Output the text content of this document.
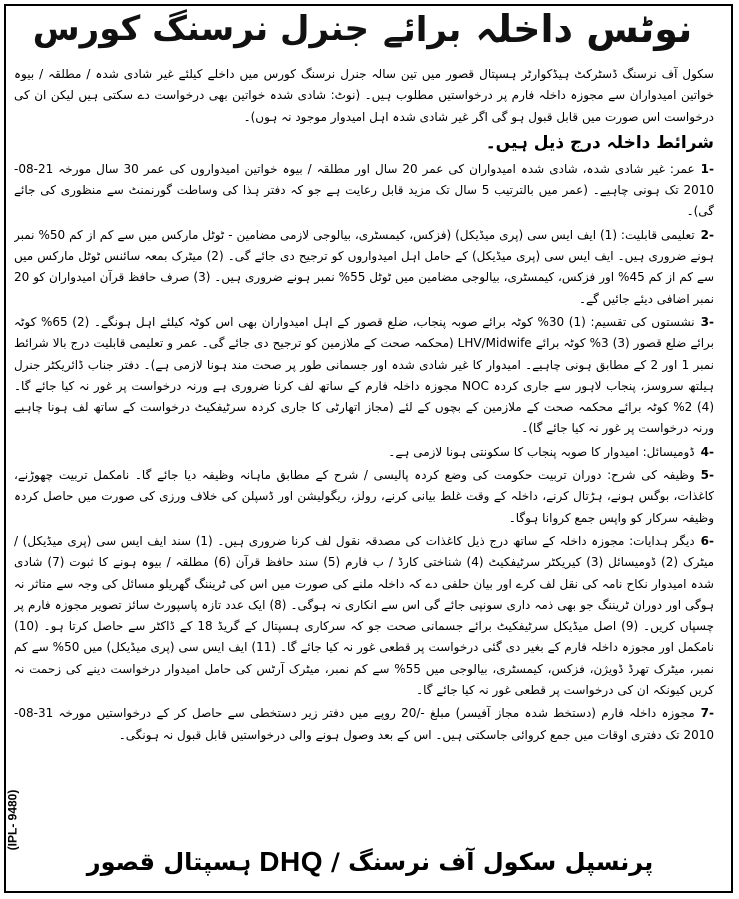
نوٹس داخلہ
برائے
جنرل نرسنگ کورس

سکول آف نرسنگ ڈسٹرکٹ ہیڈکوارٹر ہسپتال قصور میں تین سالہ جنرل نرسنگ کورس میں داخلے کیلئے غیر شادی شدہ / مطلقہ / بیوہ خواتین امیدواران سے مجوزہ داخلہ فارم پر درخواستیں مطلوب ہیں۔ (نوٹ: شادی شدہ خواتین بھی درخواست دے سکتی ہیں لیکن ان کی درخواست اس صورت میں قابل قبول ہو گی اگر غیر شادی شدہ اہل امیدوار موجود نہ ہوں)۔

شرائط داخلہ درج ذیل ہیں۔

-1عمر: غیر شادی شدہ، شادی شدہ امیدواران کی عمر 20 سال اور مطلقہ / بیوہ خواتین امیدواروں کی عمر 30 سال مورخہ 21-08-2010 تک ہونی چاہیے۔ (عمر میں بالترتیب 5 سال تک مزید قابل رعایت ہے جو کہ دفتر ہذا کی وساطت گورنمنٹ سے منظوری کی جائے گی)۔

-2تعلیمی قابلیت: (1) ایف ایس سی (پری میڈیکل) (فزکس، کیمسٹری، بیالوجی لازمی مضامین - ٹوٹل مارکس میں سے کم از کم 50% نمبر ہونے ضروری ہیں۔ ایف ایس سی (پری میڈیکل) کے حامل اہل امیدواروں کو ترجیح دی جائے گی۔ (2) میٹرک بمعہ سائنس ٹوٹل مارکس میں سے کم از کم 45% اور فزکس، کیمسٹری، بیالوجی مضامین میں ٹوٹل 55% نمبر ہونے ضروری ہیں۔ (3) صرف حافظ قرآن امیدواران کو 20 نمبر اضافی دیئے جائیں گے۔

-3نشستوں کی تقسیم: (1) 30% کوٹہ برائے صوبہ پنجاب، ضلع قصور کے اہل امیدواران بھی اس کوٹہ کیلئے اہل ہونگے۔ (2) 65% کوٹہ برائے ضلع قصور (3) 3% کوٹہ برائے LHV/Midwife (محکمہ صحت کے ملازمین کو ترجیح دی جائے گی۔ عمر و تعلیمی قابلیت درج بالا شرائط نمبر 1 اور 2 کے مطابق ہونی چاہیے۔ امیدوار کا غیر شادی شدہ اور جسمانی طور پر صحت مند ہونا لازمی ہے)۔ دفتر جناب ڈائریکٹر جنرل ہیلتھ سروسز، پنجاب لاہور سے جاری کردہ NOC مجوزہ داخلہ فارم کے ساتھ لف کرنا ضروری ہے ورنہ درخواست پر غور نہ کیا جائے گا۔ (4) 2% کوٹہ برائے محکمہ صحت کے ملازمین کے بچوں کے لئے (مجاز اتھارٹی کا جاری کردہ سرٹیفکیٹ درخواست کے ساتھ لف ہونا چاہیے ورنہ درخواست پر غور نہ کیا جائے گا)۔

-4ڈومیسائل: امیدوار کا صوبہ پنجاب کا سکونتی ہونا لازمی ہے۔

-5وظیفہ کی شرح: دوران تربیت حکومت کی وضع کردہ پالیسی / شرح کے مطابق ماہانہ وظیفہ دیا جائے گا۔ نامکمل تربیت چھوڑنے، کاغذات، بوگس ہونے، ہڑتال کرنے، داخلہ کے وقت غلط بیانی کرنے، رولز، ریگولیشن اور ڈسپلن کی خلاف ورزی کی صورت میں حاصل کردہ وظیفہ سرکار کو واپس جمع کروانا ہوگا۔

-6دیگر ہدایات: مجوزہ داخلہ کے ساتھ درج ذیل کاغذات کی مصدقہ نقول لف کرنا ضروری ہیں۔ (1) سند ایف ایس سی (پری میڈیکل) / میٹرک (2) ڈومیسائل (3) کیریکٹر سرٹیفکیٹ (4) شناختی کارڈ / ب فارم (5) سند حافظ قرآن (6) مطلقہ / بیوہ ہونے کا ثبوت (7) شادی شدہ امیدوار نکاح نامہ کی نقل لف کرے اور بیان حلفی دے کہ داخلہ ملنے کی صورت میں اس کی ٹریننگ گھریلو مسائل کی وجہ سے متاثر نہ ہوگی اور دوران ٹریننگ جو بھی ذمہ داری سونپی جائے گی اس سے انکاری نہ ہوگی۔ (8) ایک عدد تازہ پاسپورٹ سائز تصویر مجوزہ فارم پر چسپاں کریں۔ (9) اصل میڈیکل سرٹیفکیٹ برائے جسمانی صحت جو کہ سرکاری ہسپتال کے گریڈ 18 کے ڈاکٹر سے حاصل کرتا ہو۔ (10) نامکمل اور مجوزہ داخلہ فارم کے بغیر دی گئی درخواست پر قطعی غور نہ کیا جائے گا۔ (11) ایف ایس سی (پری میڈیکل) میں 50% سے کم نمبر، میٹرک تھرڈ ڈویژن، فزکس، کیمسٹری، بیالوجی میں 55% سے کم نمبر، میٹرک آرٹس کی حامل امیدوار درخواست دینے کی زحمت نہ کریں کیونکہ ان کی درخواست پر قطعی غور نہ کیا جائے گا۔

-7مجوزہ داخلہ فارم (دستخط شدہ مجاز آفیسر) مبلغ -/20 روپے میں دفتر زیر دستخطی سے حاصل کر کے درخواستیں مورخہ 31-08-2010 تک دفتری اوقات میں جمع کروائی جاسکتی ہیں۔ اس کے بعد وصول ہونے والی درخواستیں قابل قبول نہ ہونگی۔

پرنسپل سکول آف نرسنگ /
DHQ
ہسپتال قصور
(IPL- 9480)
